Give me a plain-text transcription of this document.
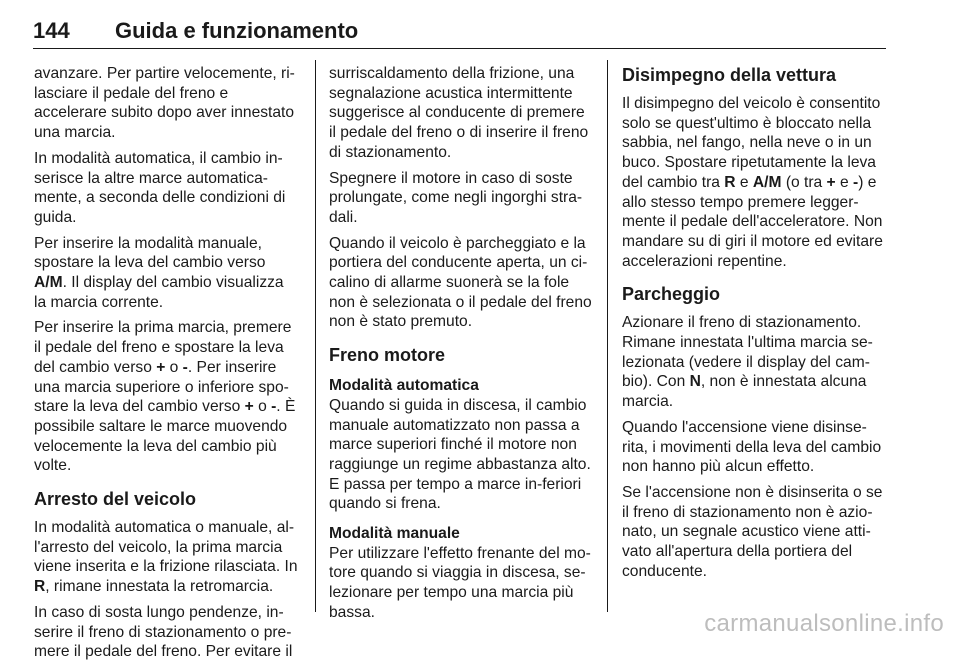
144 Guida e funzionamento

avanzare. Per partire velocemente, ri-lasciare il pedale del freno e accelerare subito dopo aver innestato una marcia.

In modalità automatica, il cambio in-serisce la altre marce automatica-mente, a seconda delle condizioni di guida.

Per inserire la modalità manuale, spostare la leva del cambio verso A/M. Il display del cambio visualizza la marcia corrente.

Per inserire la prima marcia, premere il pedale del freno e spostare la leva del cambio verso + o -. Per inserire una marcia superiore o inferiore spo-stare la leva del cambio verso + o -. È possibile saltare le marce muovendo velocemente la leva del cambio più volte.

Arresto del veicolo

In modalità automatica o manuale, al-l'arresto del veicolo, la prima marcia viene inserita e la frizione rilasciata. In R, rimane innestata la retromarcia.

In caso di sosta lungo pendenze, in-serire il freno di stazionamento o pre-mere il pedale del freno. Per evitare il

surriscaldamento della frizione, una segnalazione acustica intermittente suggerisce al conducente di premere il pedale del freno o di inserire il freno di stazionamento.

Spegnere il motore in caso di soste prolungate, come negli ingorghi stra-dali.

Quando il veicolo è parcheggiato e la portiera del conducente aperta, un ci-calino di allarme suonerà se la fole non è selezionata o il pedale del freno non è stato premuto.

Freno motore
Modalità automatica

Quando si guida in discesa, il cambio manuale automatizzato non passa a marce superiori finché il motore non raggiunge un regime abbastanza alto. E passa per tempo a marce in-feriori quando si frena.

Modalità manuale

Per utilizzare l'effetto frenante del mo-tore quando si viaggia in discesa, se-lezionare per tempo una marcia più bassa.

Disimpegno della vettura

Il disimpegno del veicolo è consentito solo se quest'ultimo è bloccato nella sabbia, nel fango, nella neve o in un buco. Spostare ripetutamente la leva del cambio tra R e A/M (o tra + e -) e allo stesso tempo premere legger-mente il pedale dell'acceleratore. Non mandare su di giri il motore ed evitare accelerazioni repentine.

Parcheggio

Azionare il freno di stazionamento. Rimane innestata l'ultima marcia se-lezionata (vedere il display del cam-bio). Con N, non è innestata alcuna marcia.

Quando l'accensione viene disinse-rita, i movimenti della leva del cambio non hanno più alcun effetto.

Se l'accensione non è disinserita o se il freno di stazionamento non è azio-nato, un segnale acustico viene atti-vato all'apertura della portiera del conducente.

carmanualsonline.info
